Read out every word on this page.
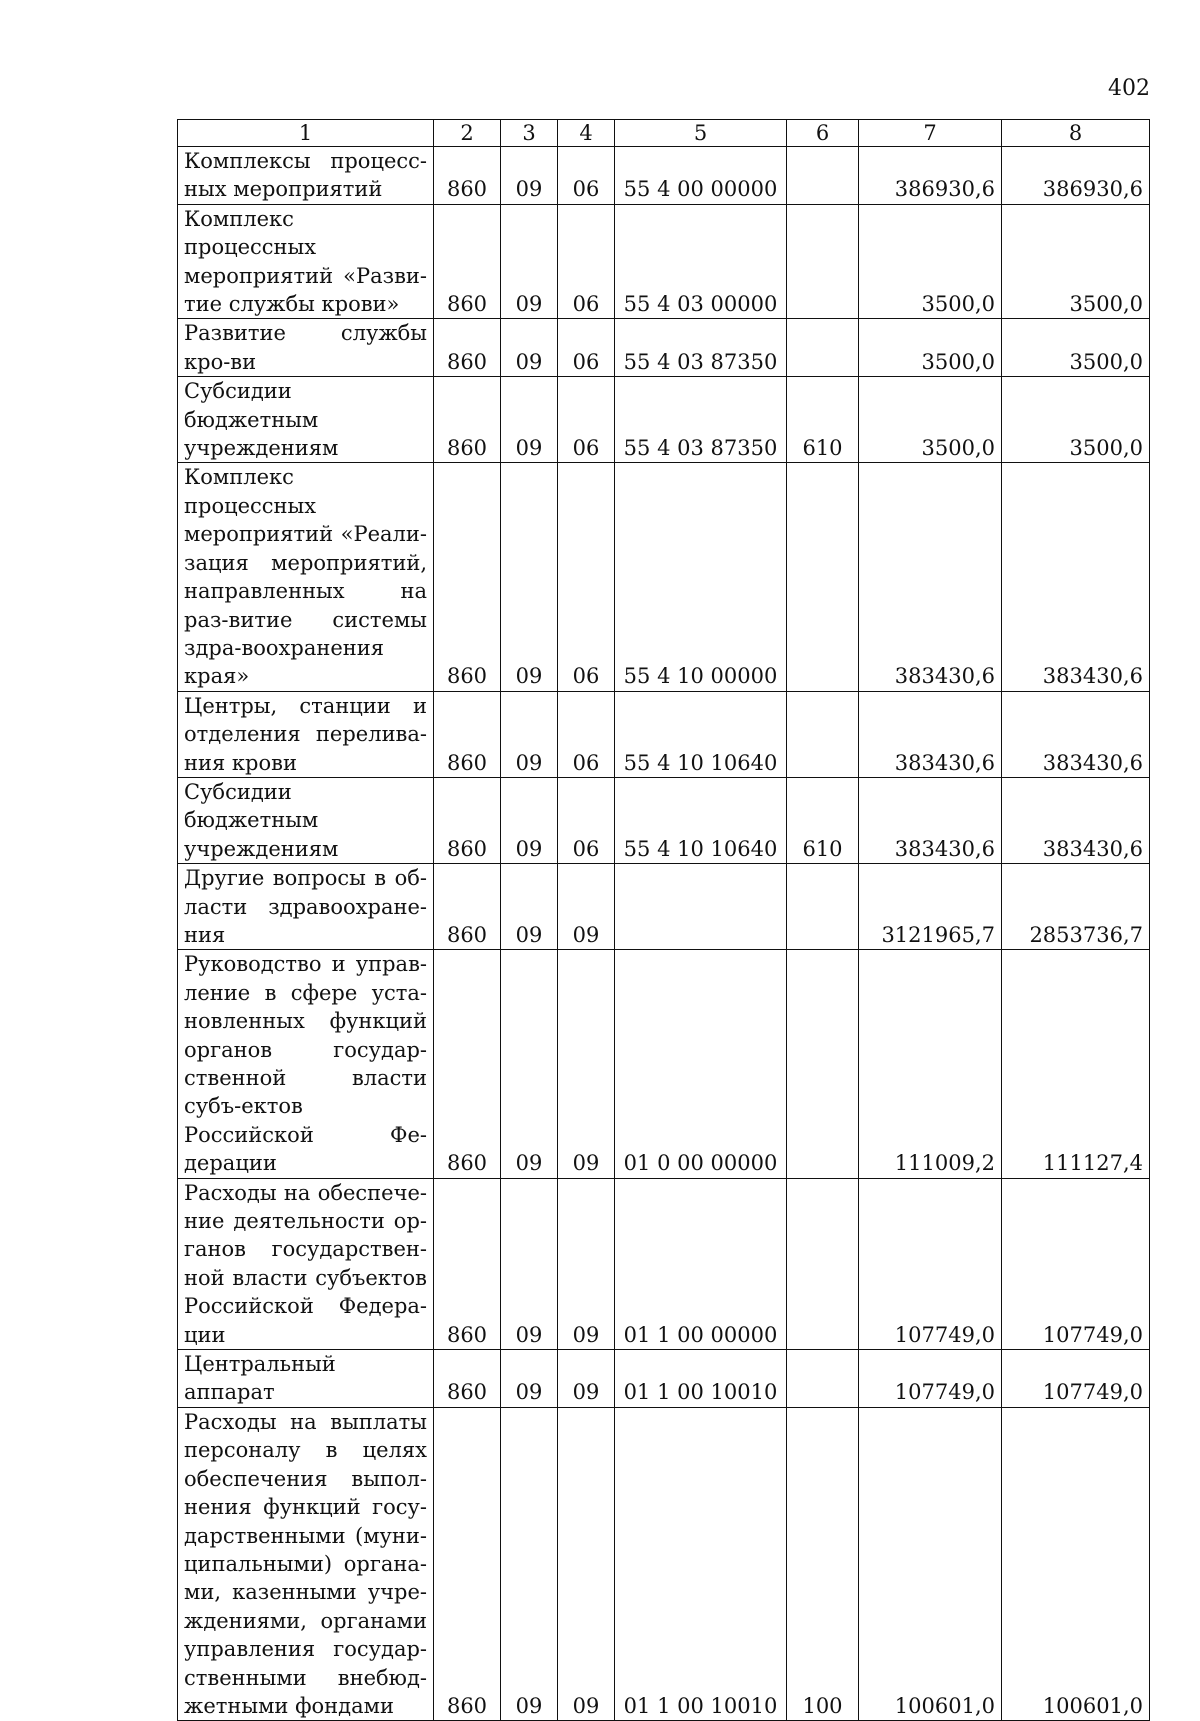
402
1	2	3	4	5	6	7	8
Комплексы процесс-ных мероприятий	860	09	06	55 4 00 00000		386930,6	386930,6
Комплекс процессных мероприятий «Разви-тие службы крови»	860	09	06	55 4 03 00000		3500,0	3500,0
Развитие службы кро-ви	860	09	06	55 4 03 87350		3500,0	3500,0
Субсидии бюджетным учреждениям	860	09	06	55 4 03 87350	610	3500,0	3500,0
Комплекс процессных мероприятий «Реали-зация мероприятий, направленных на раз-витие системы здра-воохранения края»	860	09	06	55 4 10 00000		383430,6	383430,6
Центры, станции и отделения перелива-ния крови	860	09	06	55 4 10 10640		383430,6	383430,6
Субсидии бюджетным учреждениям	860	09	06	55 4 10 10640	610	383430,6	383430,6
Другие вопросы в об-ласти здравоохране-ния	860	09	09			3121965,7	2853736,7
Руководство и управ-ление в сфере уста-новленных функций органов государ-ственной власти субъ-ектов Российской Фе-дерации	860	09	09	01 0 00 00000		111009,2	111127,4
Расходы на обеспече-ние деятельности ор-ганов государствен-ной власти субъектов Российской Федера-ции	860	09	09	01 1 00 00000		107749,0	107749,0
Центральный аппарат	860	09	09	01 1 00 10010		107749,0	107749,0
Расходы на выплаты персоналу в целях обеспечения выпол-нения функций госу-дарственными (муни-ципальными) органа-ми, казенными учре-ждениями, органами управления государ-ственными внебюд-жетными фондами	860	09	09	01 1 00 10010	100	100601,0	100601,0
